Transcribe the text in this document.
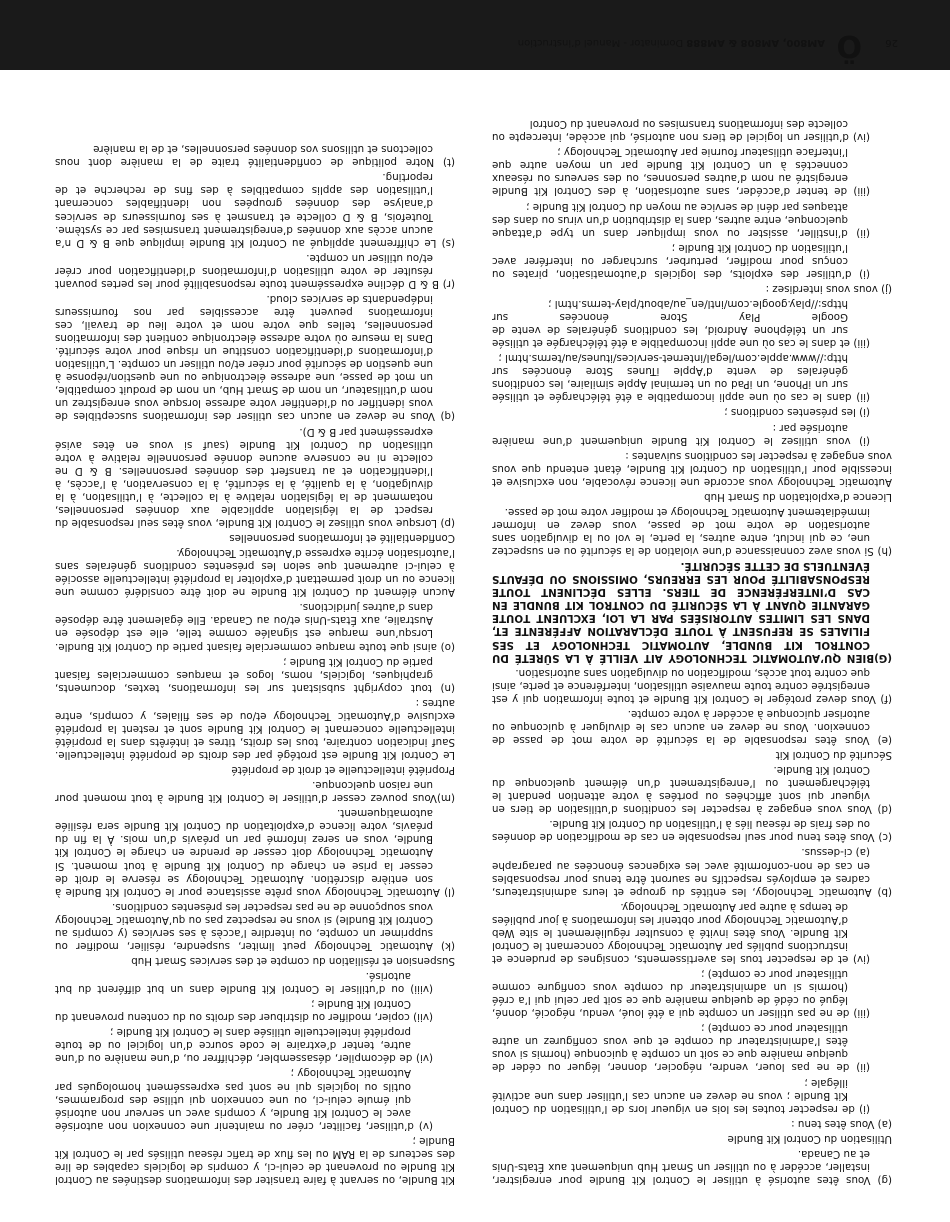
26
Ö
AM800, AM808 & AM888 Dominator - Manuel d’instruction

(g) Vous êtes autorisé à utiliser le Control Kit Bundle pour enregistrer, installer, accéder à ou utiliser un Smart Hub uniquement aux États-Unis et au Canada.

Utilisation du Control Kit Bundle

(a) Vous êtes tenu :

(i) de respecter toutes les lois en vigueur lors de l’utilisation du Control Kit Bundle ; vous ne devez en aucun cas l’utiliser dans une activité illégale ;

(ii) de ne pas louer, vendre, négocier, donner, léguer ou céder de quelque manière que ce soit un compte à quiconque (hormis si vous êtes l’administrateur du compte et que vous configurez un autre utilisateur pour ce compte) ;

(iii) de ne pas utiliser un compte qui a été loué, vendu, négocié, donné, légué ou cédé de quelque manière que ce soit par celui qui l’a créé (hormis si un administrateur du compte vous configure comme utilisateur pour ce compte) ;

(iv) et de respecter tous les avertissements, consignes de prudence et instructions publiés par Automatic Technology concernant le Control Kit Bundle. Vous êtes invité à consulter régulièrement le site Web d’Automatic Technology pour obtenir les informations à jour publiées de temps à autre par Automatic Technology.

(b) Automatic Technology, les entités du groupe et leurs administrateurs, cadres et employés respectifs ne sauront être tenus pour responsables en cas de non-conformité avec les exigences énoncées au paragraphe (a) ci-dessus.

(c) Vous êtes tenu pour seul responsable en cas de modification de données ou des frais de réseau liés à l’utilisation du Control Kit Bundle.

(d) Vous vous engagez à respecter les conditions d’utilisation de tiers en vigueur qui sont affichées ou portées à votre attention pendant le téléchargement ou l’enregistrement d’un élément quelconque du Control Kit Bundle.

Sécurité du Control Kit

(e) Vous êtes responsable de la sécurité de votre mot de passe de connexion. Vous ne devez en aucun cas le divulguer à quiconque ou autoriser quiconque à accéder à votre compte.

(f) Vous devez protéger le Control Kit Bundle et toute information qui y est enregistrée contre toute mauvaise utilisation, interférence et perte, ainsi que contre tout accès, modification ou divulgation sans autorisation.

(G)BIEN QU’AUTOMATIC TECHNOLOGY AIT VEILLÉ À LA SÛRETÉ DU CONTROL KIT BUNDLE, AUTOMATIC TECHNOLOGY ET SES FILIALES SE REFUSENT À TOUTE DÉCLARATION AFFÉRENTE ET, DANS LES LIMITES AUTORISÉES PAR LA LOI, EXCLUENT TOUTE GARANTIE QUANT À LA SÉCURITÉ DU CONTROL KIT BUNDLE EN CAS D’INTERFÉRENCE DE TIERS. ELLES DÉCLINENT TOUTE RESPONSABILITÉ POUR LES ERREURS, OMISSIONS OU DÉFAUTS ÉVENTUELS DE CETTE SÉCURITÉ.

(h) Si vous avez connaissance d’une violation de la sécurité ou en suspectez une, ce qui inclut, entre autres, la perte, le vol ou la divulgation sans autorisation de votre mot de passe, vous devez en informer immédiatement Automatic Technology et modifier votre mot de passe.

Licence d’exploitation du Smart Hub

Automatic Technology vous accorde une licence révocable, non exclusive et incessible pour l’utilisation du Control Kit Bundle, étant entendu que vous vous engagez à respecter les conditions suivantes :

(i) vous utilisez le Control Kit Bundle uniquement d’une manière autorisée par :

(i) les présentes conditions ;

(ii) dans le cas où une appli incompatible a été téléchargée et utilisée sur un iPhone, un iPad ou un terminal Apple similaire, les conditions générales de vente d’Apple iTunes Store énoncées sur http://www.apple.com/legal/internet-services/itunes/au/terms.html ;

(iii) et dans le cas où une appli incompatible a été téléchargée et utilisée sur un téléphone Android, les conditions générales de vente de Google Play Store énoncées sur https://play.google.com/intl/en_au/about/play-terms.html ;

(j) vous vous interdisez :

(i) d’utiliser des exploits, des logiciels d’automatisation, pirates ou conçus pour modifier, perturber, surcharger ou interférer avec l’utilisation du Control Kit Bundle ;

(ii) d’instiller, assister ou vous impliquer dans un type d’attaque quelconque, entre autres, dans la distribution d’un virus ou dans des attaques par déni de service au moyen du Control Kit Bundle ;

(iii) de tenter d’accéder, sans autorisation, à des Control Kit Bundle enregistré au nom d’autres personnes, ou des serveurs ou réseaux connectés à un Control Kit Bundle par un moyen autre que l’interface utilisateur fournie par Automatic Technology ;

(iv) d’utiliser un logiciel de tiers non autorisé, qui accède, intercepte ou collecte des informations transmises ou provenant du Control

Kit Bundle, ou servant à faire transiter des informations destinées au Control Kit Bundle ou provenant de celui-ci, y compris de logiciels capables de lire des secteurs de la RAM ou les flux de trafic réseau utilisés par le Control Kit Bundle ;

(v) d’utiliser, faciliter, créer ou maintenir une connexion non autorisée avec le Control Kit Bundle, y compris avec un serveur non autorisé qui émule celui-ci, ou une connexion qui utilise des programmes, outils ou logiciels qui ne sont pas expressément homologués par Automatic Technology ;

(vi) de décompiler, désassembler, déchiffrer ou, d’une manière ou d’une autre, tenter d’extraire le code source d’un logiciel ou de toute propriété intellectuelle utilisée dans le Control Kit Bundle ;

(vii) copier, modifier ou distribuer des droits ou du contenu provenant du Control Kit Bundle ;

(viii) ou d’utiliser le Control Kit Bundle dans un but différent du but autorisé.

Suspension et résiliation du compte et des services Smart Hub

(k) Automatic Technology peut limiter, suspendre, résilier, modifier ou supprimer un compte, ou interdire l’accès à ses services (y compris au Control Kit Bundle) si vous ne respectez pas ou qu’Automatic Technology vous soupçonne de ne pas respecter les présentes conditions.

(l) Automatic Technology vous prête assistance pour le Control Kit Bundle à son entière discrétion. Automatic Technology se réserve le droit de cesser la prise en charge du Control Kit Bundle à tout moment. Si Automatic Technology doit cesser de prendre en charge le Control Kit Bundle, vous en serez informé par un préavis d’un mois. À la fin du préavis, votre licence d’exploitation du Control Kit Bundle sera résiliée automatiquement.

(m)Vous pouvez cesser d’utiliser le Control Kit Bundle à tout moment pour une raison quelconque.

Propriété intellectuelle et droit de propriété

Le Control Kit Bundle est protégé par des droits de propriété intellectuelle. Sauf indication contraire, tous les droits, titres et intérêts dans la propriété intellectuelle concernant le Control Kit Bundle sont et restent la propriété exclusive d’Automatic Technology et/ou de ses filiales, y compris, entre autres :

(n) tout copyright subsistant sur les informations, textes, documents, graphiques, logiciels, noms, logos et marques commerciales faisant partie du Control Kit Bundle ;

(o) ainsi que toute marque commerciale faisant partie du Control Kit Bundle. Lorsqu’une marque est signalée comme telle, elle est déposée en Australie, aux États-Unis et/ou au Canada. Elle également être déposée dans d’autres juridictions.

Aucun élément du Control Kit Bundle ne doit être considéré comme une licence ou un droit permettant d’exploiter la propriété intellectuelle associée à celui-ci autrement que selon les présentes conditions générales sans l’autorisation écrite expresse d’Automatic Technology.

Confidentialité et informations personnelles

(p) Lorsque vous utilisez le Control Kit Bundle, vous êtes seul responsable du respect de la législation applicable aux données personnelles, notamment de la législation relative à la collecte, à l’utilisation, à la divulgation, à la qualité, à la sécurité, à la conservation, à l’accès, à l’identification et au transfert des données personnelles. B & D ne collecte ni ne conserve aucune donnée personnelle relative à votre utilisation du Control Kit Bundle (sauf si vous en êtes avisé expressément par B & D).

(q) Vous ne devez en aucun cas utiliser des informations susceptibles de vous identifier ou d’identifier votre adresse lorsque vous enregistrez un nom d’utilisateur, un nom de Smart Hub, un nom de produit compatible, un mot de passe, une adresse électronique ou une question/réponse à une question de sécurité pour créer et/ou utiliser un compte. L’utilisation d’informations d’identification constitue un risque pour votre sécurité. Dans la mesure où votre adresse électronique contient des informations personnelles, telles que votre nom et votre lieu de travail, ces informations peuvent être accessibles par nos fournisseurs indépendants de services cloud.

(r) B & D décline expressément toute responsabilité pour les pertes pouvant résulter de votre utilisation d’informations d’identification pour créer et/ou utiliser un compte.

(s) Le chiffrement appliqué au Control Kit Bundle implique que B & D n’a aucun accès aux données d’enregistrement transmises par ce système. Toutefois, B & D collecte et transmet à ses fournisseurs de services d’analyse des données groupées non identifiables concernant l’utilisation des applis compatibles à des fins de recherche et de reporting.

(t) Notre politique de confidentialité traite de la manière dont nous collectons et utilisons vos données personnelles, et de la manière
